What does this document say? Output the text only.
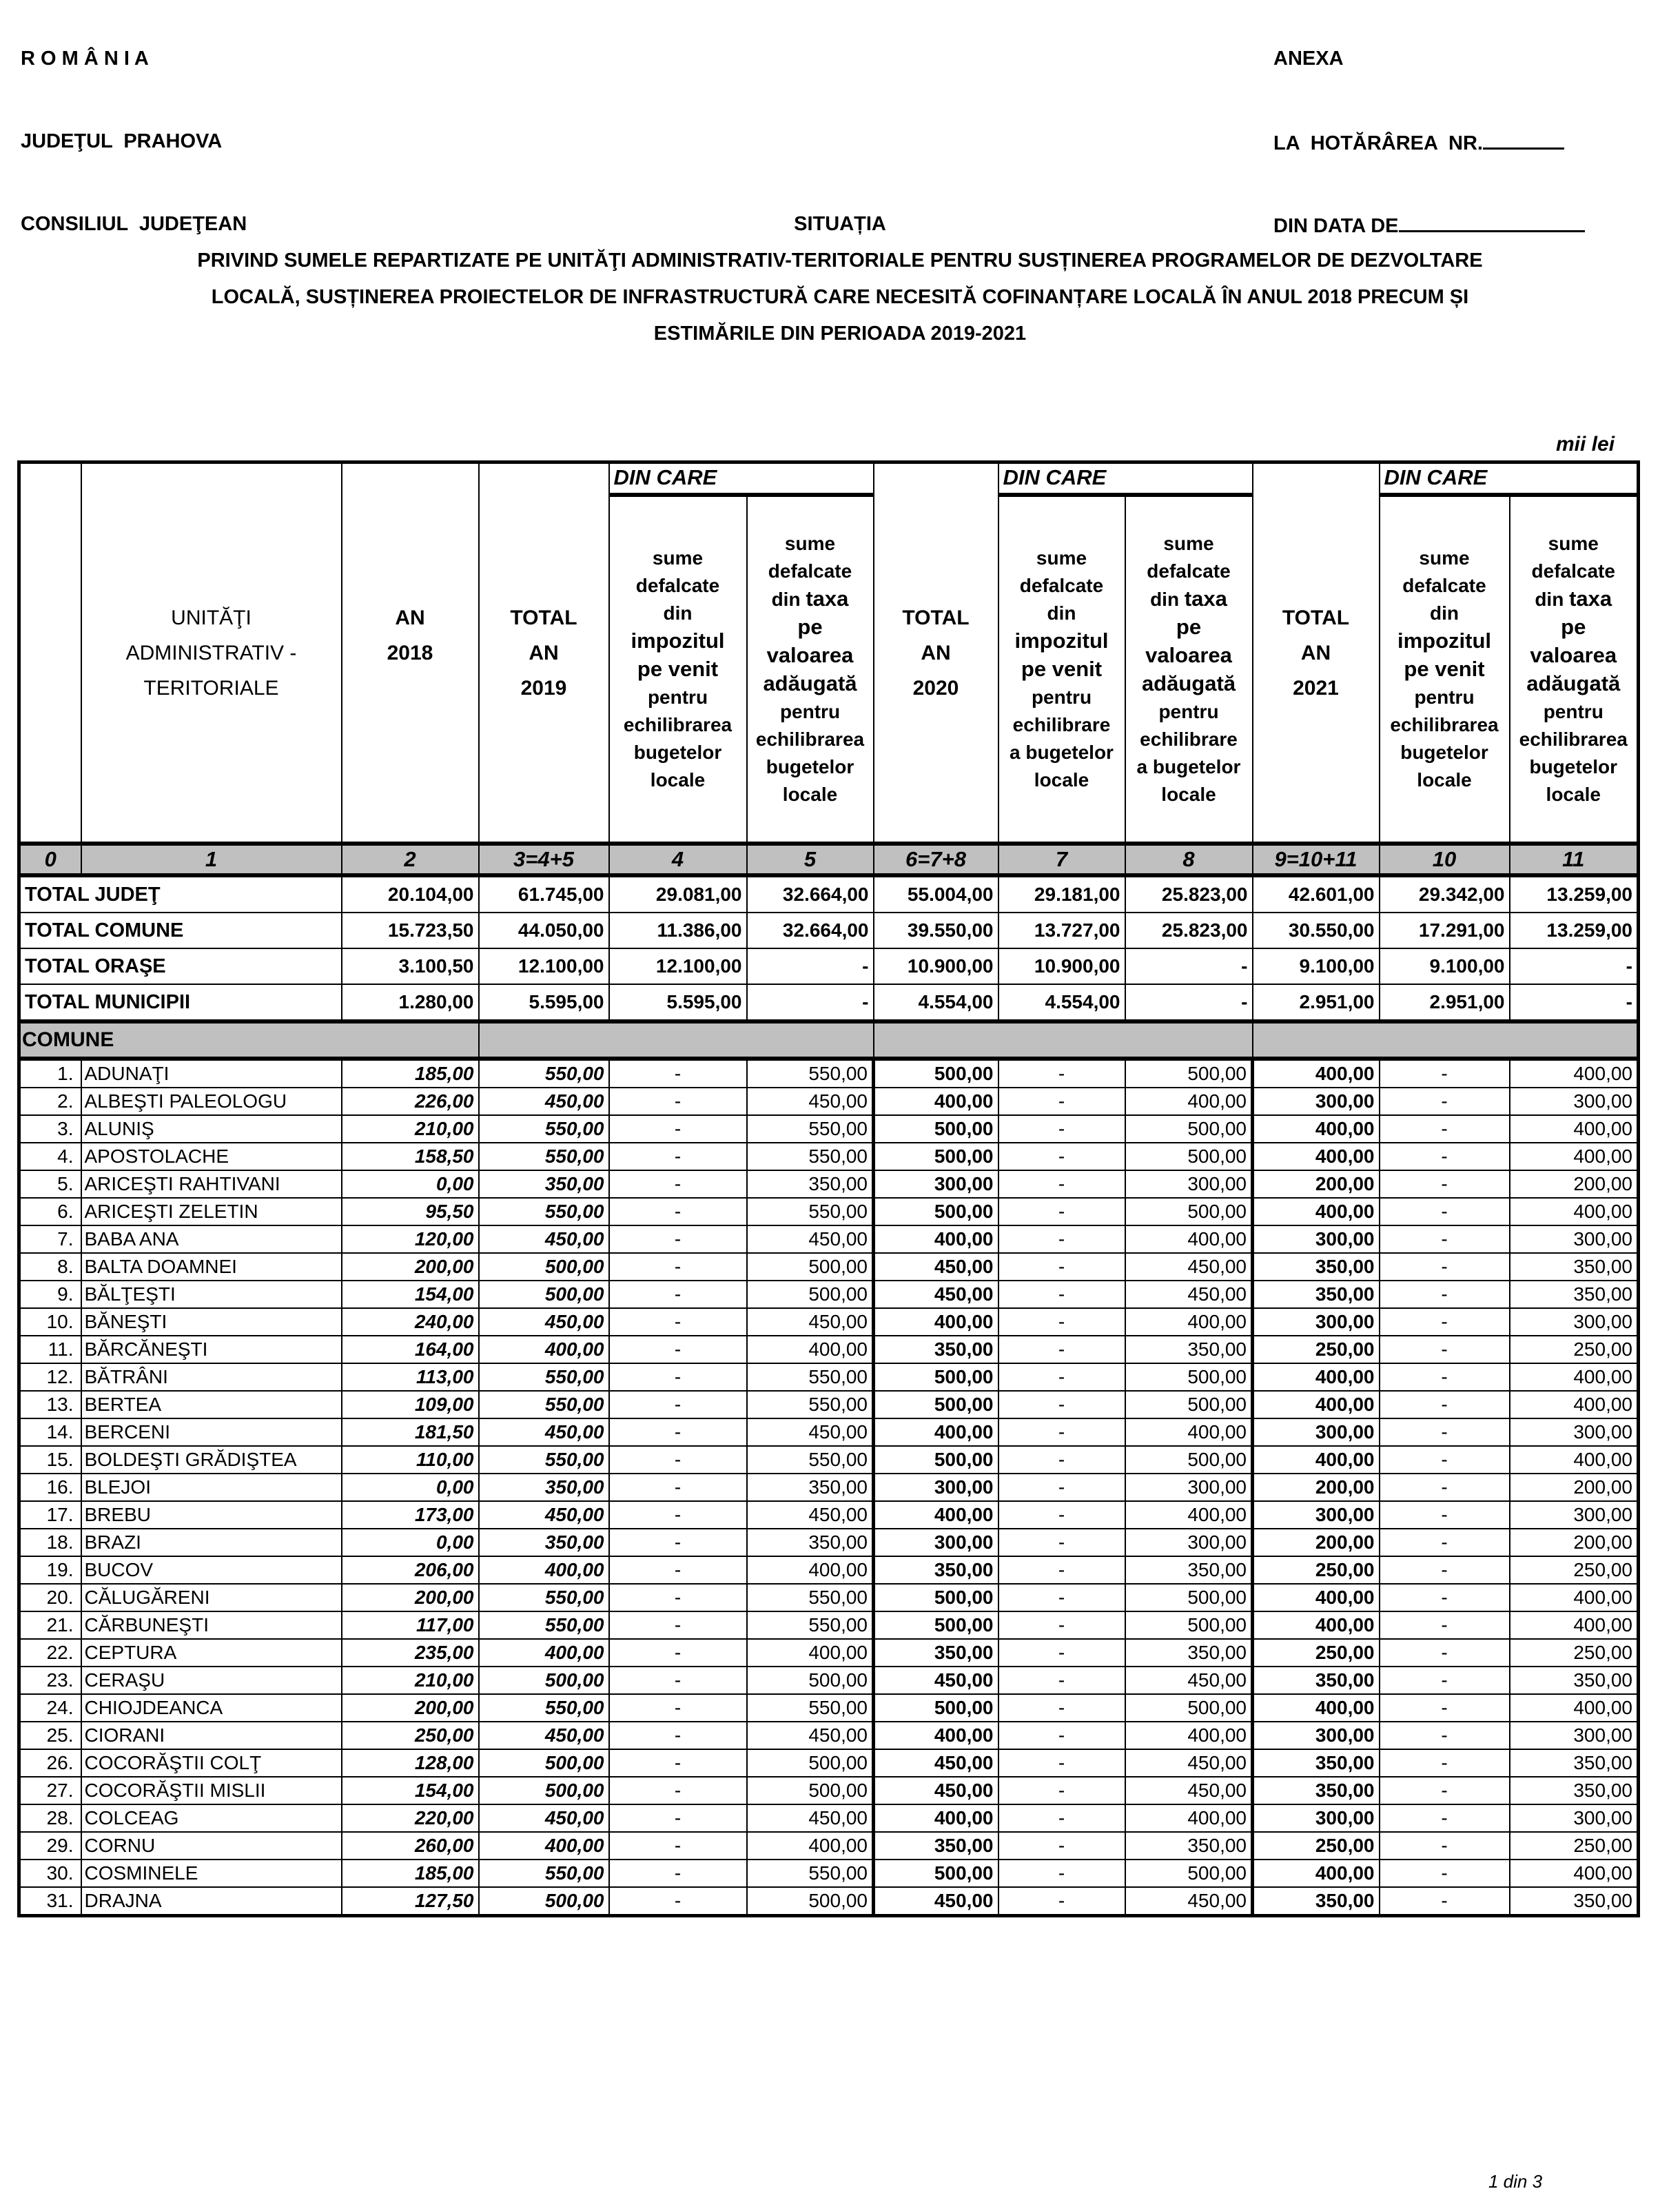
R O M Â N I A

JUDEŢUL  PRAHOVA

CONSILIUL  JUDEŢEAN

ANEXA

LA  HOTĂRÂREA  NR.

DIN DATA DE

SITUAȚIA
PRIVIND SUMELE REPARTIZATE PE UNITĂŢI ADMINISTRATIV-TERITORIALE PENTRU SUSȚINEREA PROGRAMELOR DE DEZVOLTARE
LOCALĂ, SUSȚINEREA PROIECTELOR DE INFRASTRUCTURĂ CARE NECESITĂ COFINANȚARE LOCALĂ ÎN ANUL 2018 PRECUM ȘI
ESTIMĂRILE DIN PERIOADA 2019-2021
mii lei

UNITĂŢI
ADMINISTRATIV -
TERITORIALE

AN
2018

TOTAL
AN
2019
	DIN CARE	
TOTAL
AN
2020
	DIN CARE	
TOTAL
AN
2021
	DIN CARE

sume
defalcate
din
impozitul
pe venit
pentru
echilibrarea
bugetelor
locale

sume
defalcate
din taxa
pe
valoarea
adăugată
pentru
echilibrarea
bugetelor
locale

sume
defalcate
din
impozitul
pe venit
pentru
echilibrare
a bugetelor
locale

sume
defalcate
din taxa
pe
valoarea
adăugată
pentru
echilibrare
a bugetelor
locale

sume
defalcate
din
impozitul
pe venit
pentru
echilibrarea
bugetelor
locale

sume
defalcate
din taxa
pe
valoarea
adăugată
pentru
echilibrarea
bugetelor
locale

0	1	2	3=4+5	4	5	6=7+8	7	8	9=10+11	10	11
TOTAL JUDEŢ		20.104,00	61.745,00	29.081,00	32.664,00	55.004,00	29.181,00	25.823,00	42.601,00	29.342,00	13.259,00
TOTAL COMUNE		15.723,50	44.050,00	11.386,00	32.664,00	39.550,00	13.727,00	25.823,00	30.550,00	17.291,00	13.259,00
TOTAL ORAŞE		3.100,50	12.100,00	12.100,00	-	10.900,00	10.900,00	-	9.100,00	9.100,00	-
TOTAL MUNICIPII		1.280,00	5.595,00	5.595,00	-	4.554,00	4.554,00	-	2.951,00	2.951,00	-
COMUNE											
1.	ADUNAŢI	185,00	550,00	-	550,00	500,00	-	500,00	400,00	-	400,00
2.	ALBEŞTI PALEOLOGU	226,00	450,00	-	450,00	400,00	-	400,00	300,00	-	300,00
3.	ALUNIŞ	210,00	550,00	-	550,00	500,00	-	500,00	400,00	-	400,00
4.	APOSTOLACHE	158,50	550,00	-	550,00	500,00	-	500,00	400,00	-	400,00
5.	ARICEŞTI RAHTIVANI	0,00	350,00	-	350,00	300,00	-	300,00	200,00	-	200,00
6.	ARICEŞTI ZELETIN	95,50	550,00	-	550,00	500,00	-	500,00	400,00	-	400,00
7.	BABA ANA	120,00	450,00	-	450,00	400,00	-	400,00	300,00	-	300,00
8.	BALTA DOAMNEI	200,00	500,00	-	500,00	450,00	-	450,00	350,00	-	350,00
9.	BĂLŢEŞTI	154,00	500,00	-	500,00	450,00	-	450,00	350,00	-	350,00
10.	BĂNEŞTI	240,00	450,00	-	450,00	400,00	-	400,00	300,00	-	300,00
11.	BĂRCĂNEŞTI	164,00	400,00	-	400,00	350,00	-	350,00	250,00	-	250,00
12.	BĂTRÂNI	113,00	550,00	-	550,00	500,00	-	500,00	400,00	-	400,00
13.	BERTEA	109,00	550,00	-	550,00	500,00	-	500,00	400,00	-	400,00
14.	BERCENI	181,50	450,00	-	450,00	400,00	-	400,00	300,00	-	300,00
15.	BOLDEŞTI GRĂDIŞTEA	110,00	550,00	-	550,00	500,00	-	500,00	400,00	-	400,00
16.	BLEJOI	0,00	350,00	-	350,00	300,00	-	300,00	200,00	-	200,00
17.	BREBU	173,00	450,00	-	450,00	400,00	-	400,00	300,00	-	300,00
18.	BRAZI	0,00	350,00	-	350,00	300,00	-	300,00	200,00	-	200,00
19.	BUCOV	206,00	400,00	-	400,00	350,00	-	350,00	250,00	-	250,00
20.	CĂLUGĂRENI	200,00	550,00	-	550,00	500,00	-	500,00	400,00	-	400,00
21.	CĂRBUNEŞTI	117,00	550,00	-	550,00	500,00	-	500,00	400,00	-	400,00
22.	CEPTURA	235,00	400,00	-	400,00	350,00	-	350,00	250,00	-	250,00
23.	CERAŞU	210,00	500,00	-	500,00	450,00	-	450,00	350,00	-	350,00
24.	CHIOJDEANCA	200,00	550,00	-	550,00	500,00	-	500,00	400,00	-	400,00
25.	CIORANI	250,00	450,00	-	450,00	400,00	-	400,00	300,00	-	300,00
26.	COCORĂŞTII COLŢ	128,00	500,00	-	500,00	450,00	-	450,00	350,00	-	350,00
27.	COCORĂŞTII MISLII	154,00	500,00	-	500,00	450,00	-	450,00	350,00	-	350,00
28.	COLCEAG	220,00	450,00	-	450,00	400,00	-	400,00	300,00	-	300,00
29.	CORNU	260,00	400,00	-	400,00	350,00	-	350,00	250,00	-	250,00
30.	COSMINELE	185,00	550,00	-	550,00	500,00	-	500,00	400,00	-	400,00
31.	DRAJNA	127,50	500,00	-	500,00	450,00	-	450,00	350,00	-	350,00
1 din 3
